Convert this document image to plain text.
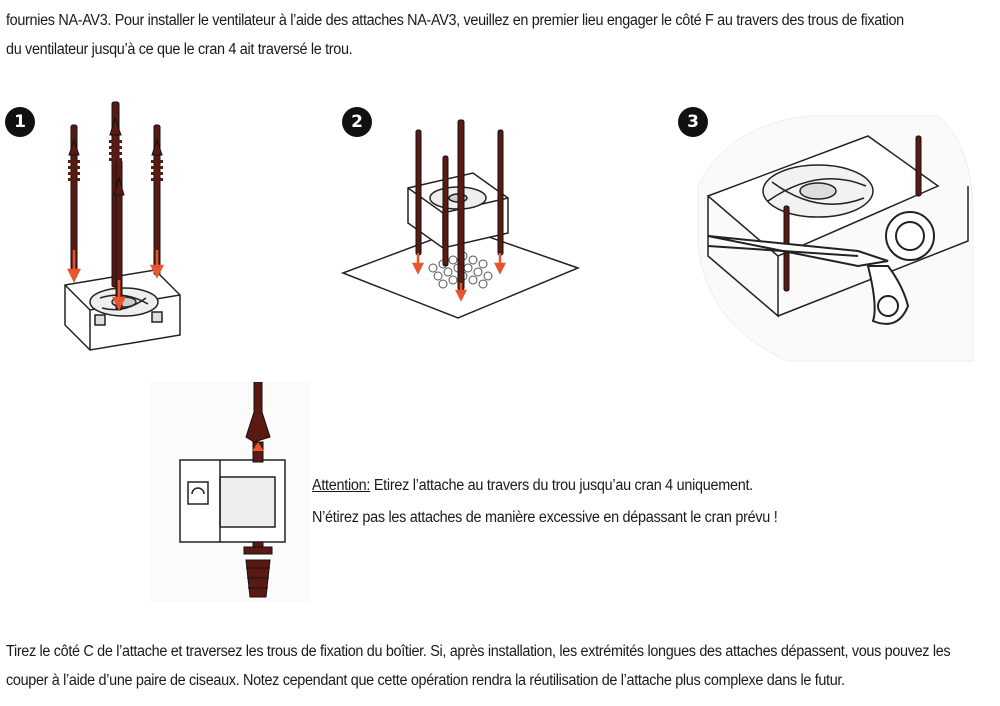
fournies NA-AV3. Pour installer le ventilateur à l’aide des attaches NA-AV3, veuillez en premier lieu engager le côté F au travers des trous de fixation du ventilateur jusqu’à ce que le cran 4 ait traversé le trou.
1	2	3
Attention: Etirez l’attache au travers du trou jusqu’au cran 4 uniquement.
N’étirez pas les attaches de manière excessive en dépassant le cran prévu !
Tirez le côté C de l’attache et traversez les trous de fixation du boîtier. Si, après installation, les extrémités longues des attaches dépassent, vous pouvez les couper à l’aide d’une paire de ciseaux. Notez cependant que cette opération rendra la réutilisation de l’attache plus complexe dans le futur.
